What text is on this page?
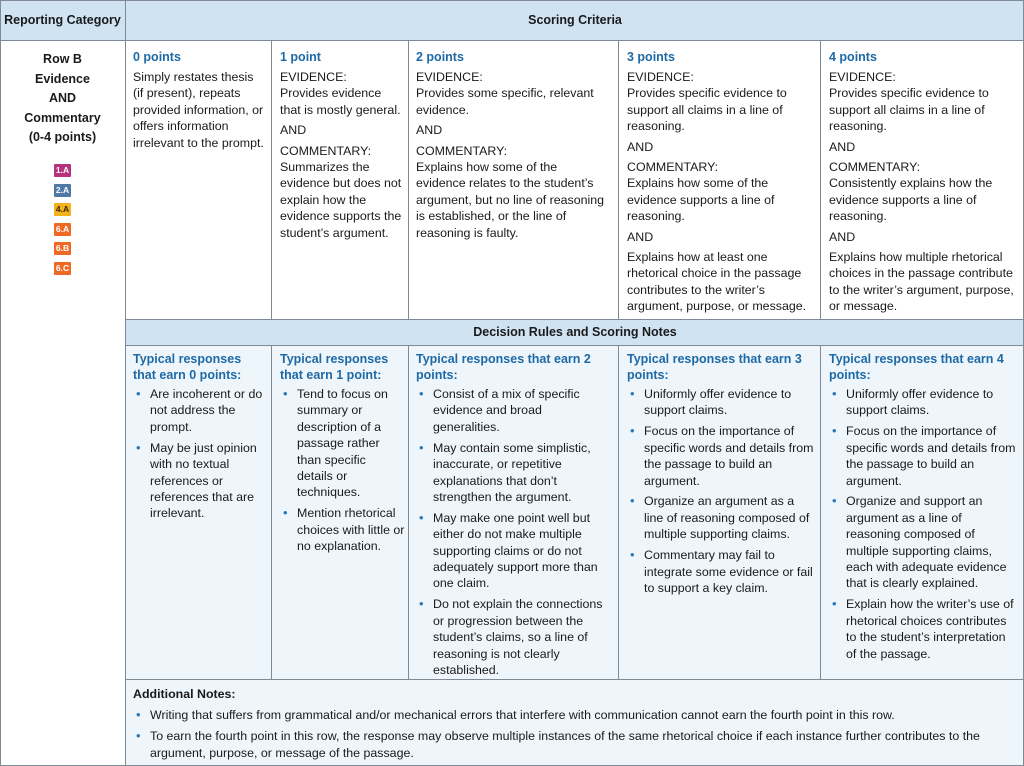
Reporting Category	Scoring Criteria
Row B
Evidence
AND
Commentary
(0-4 points)
1.A
2.A
4.A
6.A
6.B
6.C
0 points
Simply restates thesis (if present), repeats provided information, or offers information irrelevant to the prompt.
1 point
EVIDENCE:
Provides evidence that is mostly general.
AND
COMMENTARY:
Summarizes the evidence but does not explain how the evidence supports the student’s argument.
2 points
EVIDENCE:
Provides some specific, relevant evidence.
AND
COMMENTARY:
Explains how some of the evidence relates to the student’s argument, but no line of reasoning is established, or the line of reasoning is faulty.
3 points
EVIDENCE:
Provides specific evidence to support all claims in a line of reasoning.
AND
COMMENTARY:
Explains how some of the evidence supports a line of reasoning.
AND
Explains how at least one rhetorical choice in the passage contributes to the writer’s argument, purpose, or message.
4 points
EVIDENCE:
Provides specific evidence to support all claims in a line of reasoning.
AND
COMMENTARY:
Consistently explains how the evidence supports a line of reasoning.
AND
Explains how multiple rhetorical choices in the passage contribute to the writer’s argument, purpose, or message.
Decision Rules and Scoring Notes
Typical responses that earn 0 points:
• Are incoherent or do not address the prompt.
• May be just opinion with no textual references or references that are irrelevant.
Typical responses that earn 1 point:
• Tend to focus on summary or description of a passage rather than specific details or techniques.
• Mention rhetorical choices with little or no explanation.
Typical responses that earn 2 points:
• Consist of a mix of specific evidence and broad generalities.
• May contain some simplistic, inaccurate, or repetitive explanations that don’t strengthen the argument.
• May make one point well but either do not make multiple supporting claims or do not adequately support more than one claim.
• Do not explain the connections or progression between the student’s claims, so a line of reasoning is not clearly established.
Typical responses that earn 3 points:
• Uniformly offer evidence to support claims.
• Focus on the importance of specific words and details from the passage to build an argument.
• Organize an argument as a line of reasoning composed of multiple supporting claims.
• Commentary may fail to integrate some evidence or fail to support a key claim.
Typical responses that earn 4 points:
• Uniformly offer evidence to support claims.
• Focus on the importance of specific words and details from the passage to build an argument.
• Organize and support an argument as a line of reasoning composed of multiple supporting claims, each with adequate evidence that is clearly explained.
• Explain how the writer’s use of rhetorical choices contributes to the student’s interpretation of the passage.
Additional Notes:
• Writing that suffers from grammatical and/or mechanical errors that interfere with communication cannot earn the fourth point in this row.
• To earn the fourth point in this row, the response may observe multiple instances of the same rhetorical choice if each instance further contributes to the argument, purpose, or message of the passage.
